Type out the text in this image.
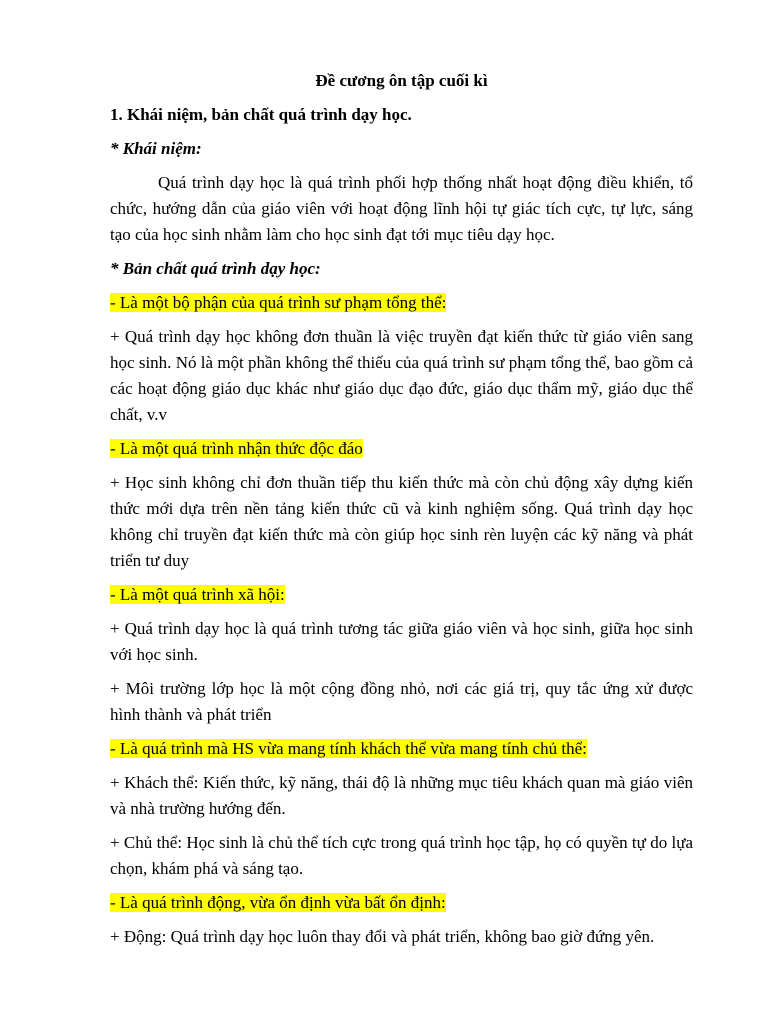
Đề cương ôn tập cuối kì
1. Khái niệm, bản chất quá trình dạy học.
* Khái niệm:
Quá trình dạy học là quá trình phối hợp thống nhất hoạt động điều khiển, tổ chức, hướng dẫn của giáo viên với hoạt động lĩnh hội tự giác tích cực, tự lực, sáng tạo của học sinh nhằm làm cho học sinh đạt tới mục tiêu dạy học.
* Bản chất quá trình dạy học:
- Là một bộ phận của quá trình sư phạm tổng thể:
+ Quá trình dạy học không đơn thuần là việc truyền đạt kiến thức từ giáo viên sang học sinh. Nó là một phần không thể thiếu của quá trình sư phạm tổng thể, bao gồm cả các hoạt động giáo dục khác như giáo dục đạo đức, giáo dục thẩm mỹ, giáo dục thể chất, v.v
- Là một quá trình nhận thức độc đáo
+ Học sinh không chỉ đơn thuần tiếp thu kiến thức mà còn chủ động xây dựng kiến thức mới dựa trên nền tảng kiến thức cũ và kinh nghiệm sống. Quá trình dạy học không chỉ truyền đạt kiến thức mà còn giúp học sinh rèn luyện các kỹ năng và phát triển tư duy
- Là một quá trình xã hội:
+ Quá trình dạy học là quá trình tương tác giữa giáo viên và học sinh, giữa học sinh với học sinh.
+ Môi trường lớp học là một cộng đồng nhỏ, nơi các giá trị, quy tắc ứng xử được hình thành và phát triển
- Là quá trình mà HS vừa mang tính khách thể vừa mang tính chủ thể:
+ Khách thể: Kiến thức, kỹ năng, thái độ là những mục tiêu khách quan mà giáo viên và nhà trường hướng đến.
+ Chủ thể: Học sinh là chủ thể tích cực trong quá trình học tập, họ có quyền tự do lựa chọn, khám phá và sáng tạo.
- Là quá trình động, vừa ổn định vừa bất ổn định:
+ Động: Quá trình dạy học luôn thay đổi và phát triển, không bao giờ đứng yên.
